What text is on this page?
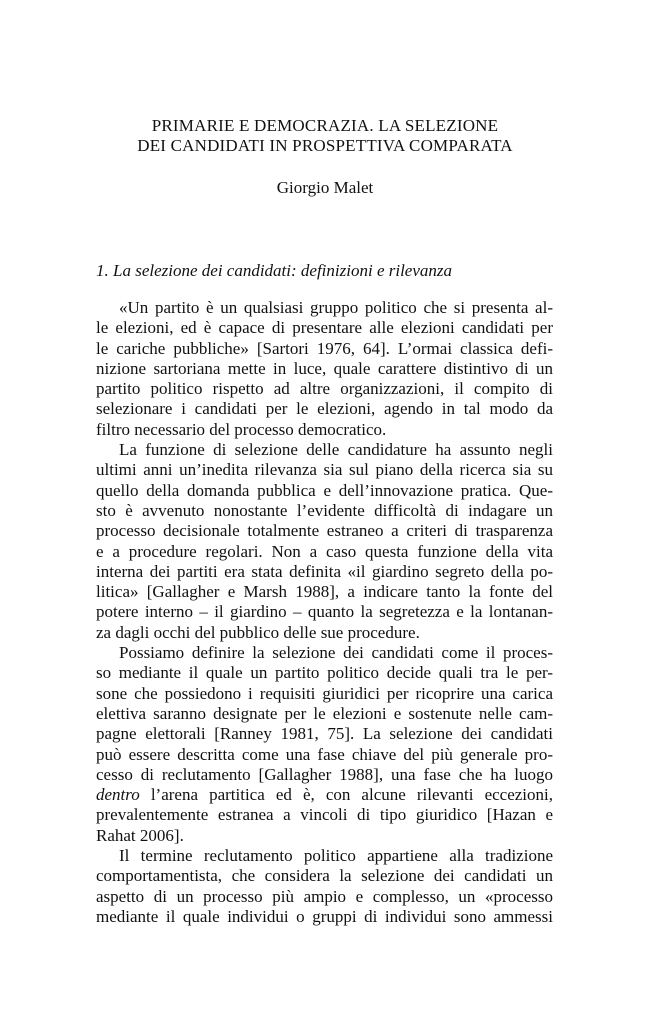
PRIMARIE E DEMOCRAZIA. LA SELEZIONE
DEI CANDIDATI IN PROSPETTIVA COMPARATA
Giorgio Malet
1. La selezione dei candidati: definizioni e rilevanza
«Un partito è un qualsiasi gruppo politico che si presenta al-
le elezioni, ed è capace di presentare alle elezioni candidati per
le cariche pubbliche» [Sartori 1976, 64]. L’ormai classica defi-
nizione sartoriana mette in luce, quale carattere distintivo di un
partito politico rispetto ad altre organizzazioni, il compito di
selezionare i candidati per le elezioni, agendo in tal modo da
filtro necessario del processo democratico.
La funzione di selezione delle candidature ha assunto negli
ultimi anni un’inedita rilevanza sia sul piano della ricerca sia su
quello della domanda pubblica e dell’innovazione pratica. Que-
sto è avvenuto nonostante l’evidente difficoltà di indagare un
processo decisionale totalmente estraneo a criteri di trasparenza
e a procedure regolari. Non a caso questa funzione della vita
interna dei partiti era stata definita «il giardino segreto della po-
litica» [Gallagher e Marsh 1988], a indicare tanto la fonte del
potere interno – il giardino – quanto la segretezza e la lontanan-
za dagli occhi del pubblico delle sue procedure.
Possiamo definire la selezione dei candidati come il proces-
so mediante il quale un partito politico decide quali tra le per-
sone che possiedono i requisiti giuridici per ricoprire una carica
elettiva saranno designate per le elezioni e sostenute nelle cam-
pagne elettorali [Ranney 1981, 75]. La selezione dei candidati
può essere descritta come una fase chiave del più generale pro-
cesso di reclutamento [Gallagher 1988], una fase che ha luogo
dentro l’arena partitica ed è, con alcune rilevanti eccezioni,
prevalentemente estranea a vincoli di tipo giuridico [Hazan e
Rahat 2006].
Il termine reclutamento politico appartiene alla tradizione
comportamentista, che considera la selezione dei candidati un
aspetto di un processo più ampio e complesso, un «processo
mediante il quale individui o gruppi di individui sono ammessi
